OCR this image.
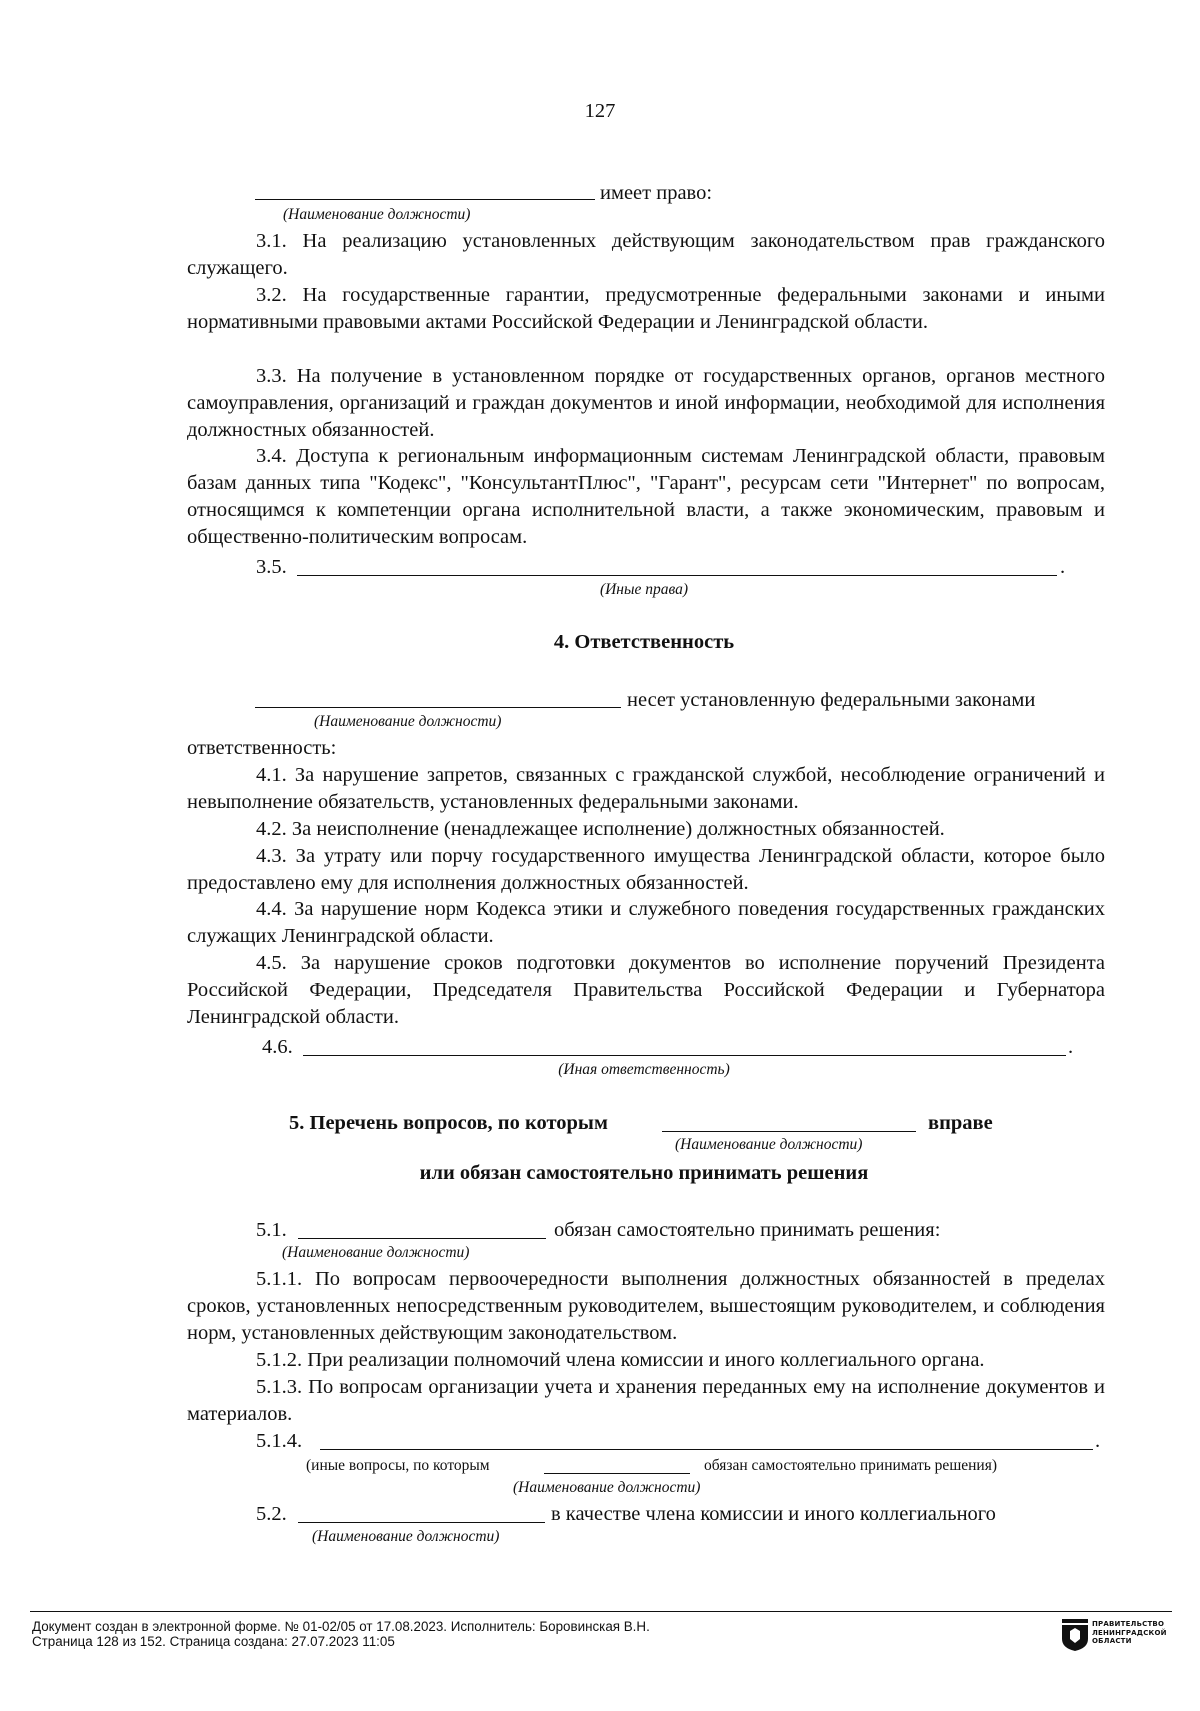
127
имеет право:
(Наименование должности)
3.1. На реализацию установленных действующим законодательством прав гражданского служащего.
3.2. На государственные гарантии, предусмотренные федеральными законами и иными нормативными правовыми актами Российской Федерации и Ленинградской области.
3.3. На получение в установленном порядке от государственных органов, органов местного самоуправления, организаций и граждан документов и иной информации, необходимой для исполнения должностных обязанностей.
3.4. Доступа к региональным информационным системам Ленинградской области, правовым базам данных типа "Кодекс", "КонсультантПлюс", "Гарант", ресурсам сети "Интернет" по вопросам, относящимся к компетенции органа исполнительной власти, а также экономическим, правовым и общественно-политическим вопросам.
3.5.	.
(Иные права)
4. Ответственность
несет установленную федеральными законами
(Наименование должности)
ответственность:
4.1. За нарушение запретов, связанных с гражданской службой, несоблюдение ограничений и невыполнение обязательств, установленных федеральными законами.
4.2. За неисполнение (ненадлежащее исполнение) должностных обязанностей.
4.3. За утрату или порчу государственного имущества Ленинградской области, которое было предоставлено ему для исполнения должностных обязанностей.
4.4. За нарушение норм Кодекса этики и служебного поведения государственных гражданских служащих Ленинградской области.
4.5. За нарушение сроков подготовки документов во исполнение поручений Президента Российской Федерации, Председателя Правительства Российской Федерации и Губернатора Ленинградской области.
4.6.	.
(Иная ответственность)
5. Перечень вопросов, по которым	вправе
(Наименование должности)
или обязан самостоятельно принимать решения
5.1.	обязан самостоятельно принимать решения:
(Наименование должности)
5.1.1. По вопросам первоочередности выполнения должностных обязанностей в пределах сроков, установленных непосредственным руководителем, вышестоящим руководителем, и соблюдения норм, установленных действующим законодательством.
5.1.2. При реализации полномочий члена комиссии и иного коллегиального органа.
5.1.3. По вопросам организации учета и хранения переданных ему на исполнение документов и материалов.
5.1.4.	.
(иные вопросы, по которым	обязан самостоятельно принимать решения)
(Наименование должности)
5.2.	в качестве члена комиссии и иного коллегиального
(Наименование должности)
Документ создан в электронной форме. № 01-02/05 от 17.08.2023. Исполнитель: Боровинская В.Н.
Страница 128 из 152. Страница создана: 27.07.2023 11:05
ПРАВИТЕЛЬСТВО ЛЕНИНГРАДСКОЙ ОБЛАСТИ
